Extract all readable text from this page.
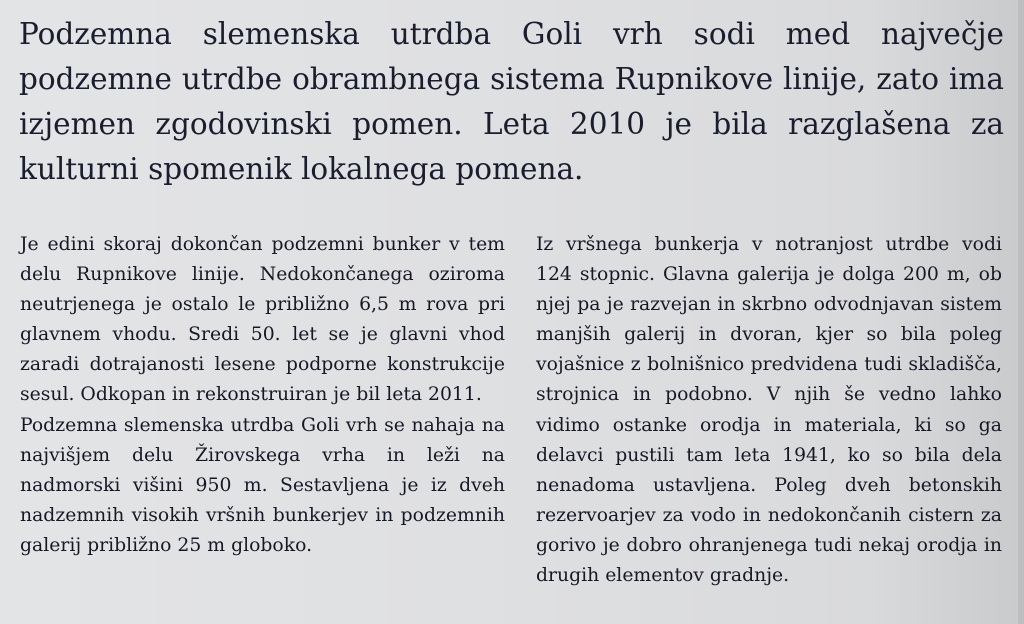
Podzemna slemenska utrdba Goli vrh sodi med največje podzemne utrdbe obrambnega sistema Rupnikove linije, zato ima izjemen zgodovinski pomen. Leta 2010 je bila razglašena za kulturni spomenik lokalnega pomena.

Je edini skoraj dokončan podzemni bunker v tem delu Rupnikove linije. Nedokončanega oziroma neutrjenega je ostalo le približno 6,5 m rova pri glavnem vhodu. Sredi 50. let se je glavni vhod zaradi dotrajanosti lesene podporne konstrukcije sesul. Odkopan in rekonstruiran je bil leta 2011.

Podzemna slemenska utrdba Goli vrh se nahaja na najvišjem delu Žirovskega vrha in leži na nadmorski višini 950 m. Sestavljena je iz dveh nadzemnih visokih vršnih bunkerjev in podzemnih galerij približno 25 m globoko.

Iz vršnega bunkerja v notranjost utrdbe vodi 124 stopnic. Glavna galerija je dolga 200 m, ob njej pa je razvejan in skrbno odvodnjavan sistem manjših galerij in dvoran, kjer so bila poleg vojašnice z bolnišnico predvidena tudi skladišča, strojnica in podobno. V njih še vedno lahko vidimo ostanke orodja in materiala, ki so ga delavci pustili tam leta 1941, ko so bila dela nenadoma ustavljena. Poleg dveh betonskih rezervoarjev za vodo in nedokončanih cistern za gorivo je dobro ohranjenega tudi nekaj orodja in drugih elementov gradnje.
